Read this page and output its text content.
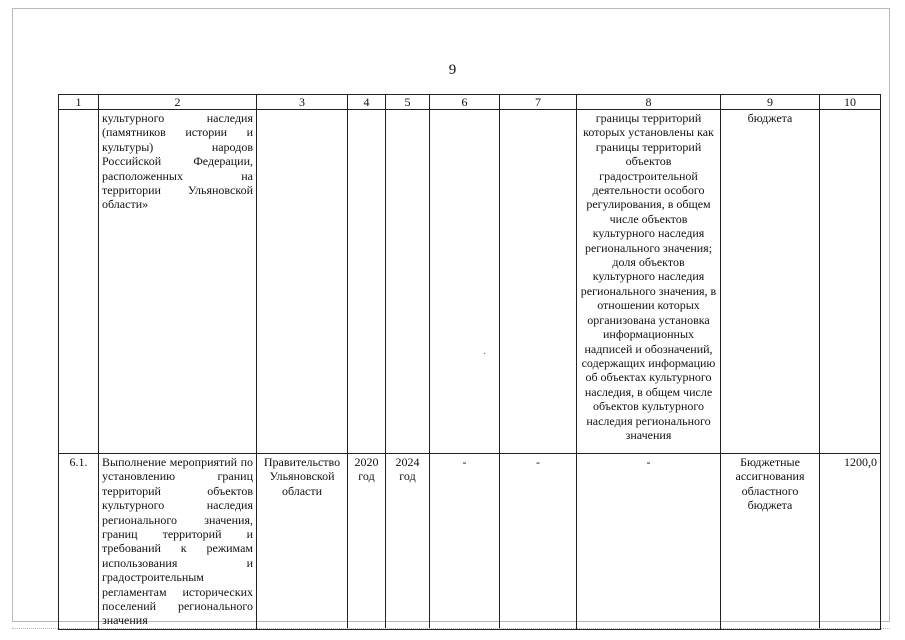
9
1	2	3	4	5	6	7	8	9	10
	культурного наследия (памятников истории и культуры) народов Российской Федерации, расположенных на территории Ульяновской области»						границы территорий которых установлены как границы территорий объектов градостроительной деятельности особого регулирования, в общем числе объектов культурного наследия регионального значения; доля объектов культурного наследия регионального значения, в отношении которых организована установка информационных надписей и обозначений, содержащих информацию об объектах культурного наследия, в общем числе объектов культурного наследия регионального значения	бюджета	
6.1.	Выполнение мероприятий по установлению границ территорий объектов культурного наследия регионального значения, границ территорий и требований к режимам использования и градостроительным регламентам исторических поселений регионального значения	Правительство Ульяновской области	2020 год	2024 год	-	-	-	Бюджетные ассигнования областного бюджета	1200,0
·
